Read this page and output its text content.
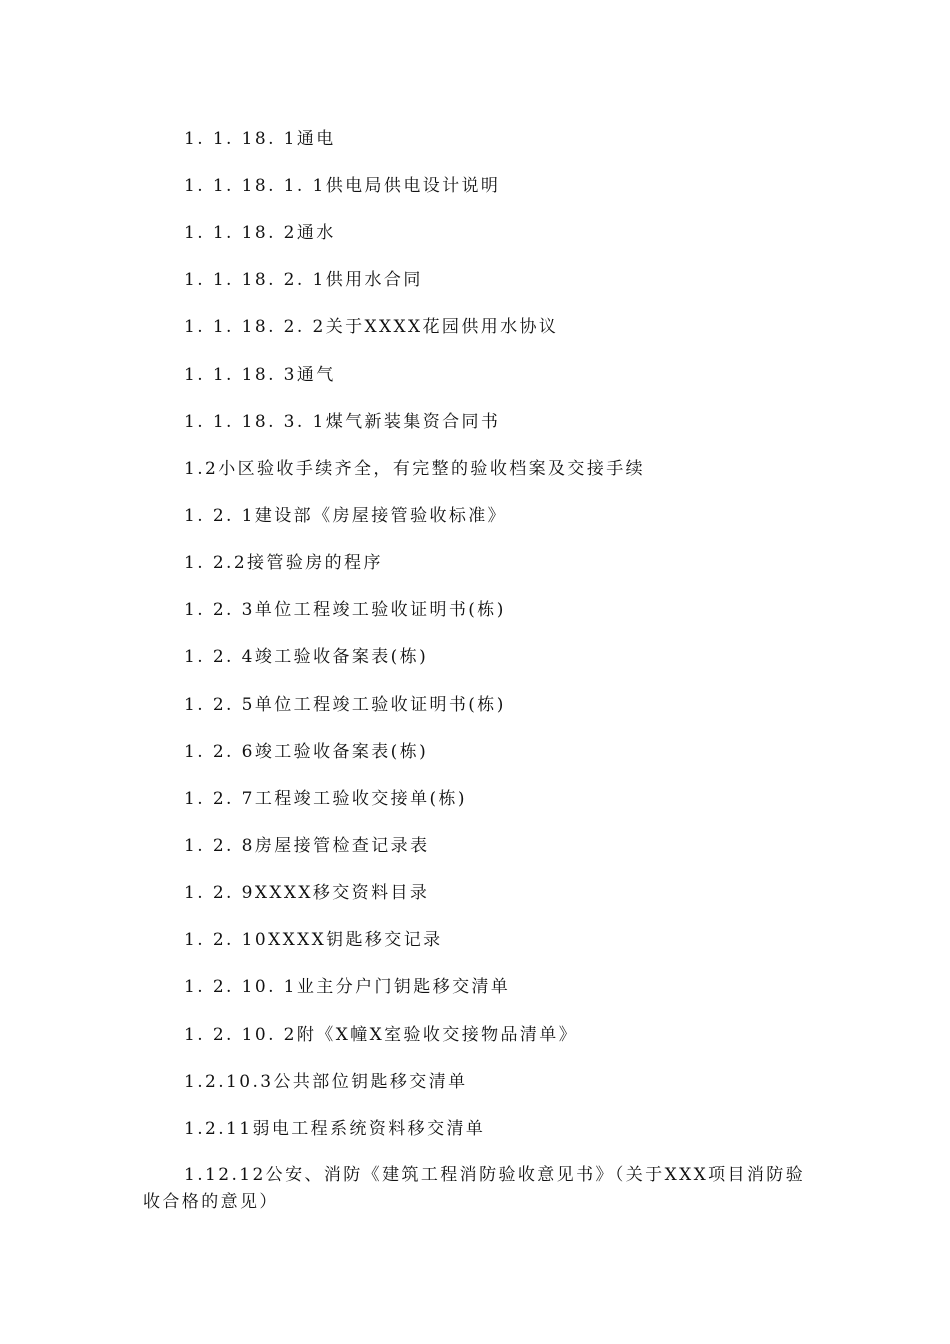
1. 1. 18. 1通电
1. 1. 18. 1. 1供电局供电设计说明
1. 1. 18. 2通水
1. 1. 18. 2. 1供用水合同
1. 1. 18. 2. 2关于XXXX花园供用水协议
1. 1. 18. 3通气
1. 1. 18. 3. 1煤气新装集资合同书
1.2小区验收手续齐全，有完整的验收档案及交接手续
1. 2. 1建设部《房屋接管验收标准》
1. 2.2接管验房的程序
1. 2. 3单位工程竣工验收证明书(栋)
1. 2. 4竣工验收备案表(栋)
1. 2. 5单位工程竣工验收证明书(栋)
1. 2. 6竣工验收备案表(栋)
1. 2. 7工程竣工验收交接单(栋)
1. 2. 8房屋接管检查记录表
1. 2. 9XXXX移交资料目录
1. 2. 10XXXX钥匙移交记录
1. 2. 10. 1业主分户门钥匙移交清单
1. 2. 10. 2附《X幢X室验收交接物品清单》
1.2.10.3公共部位钥匙移交清单
1.2.11弱电工程系统资料移交清单
1.12.12公安、消防《建筑工程消防验收意见书》（关于XXX项目消防验收合格的意见）
